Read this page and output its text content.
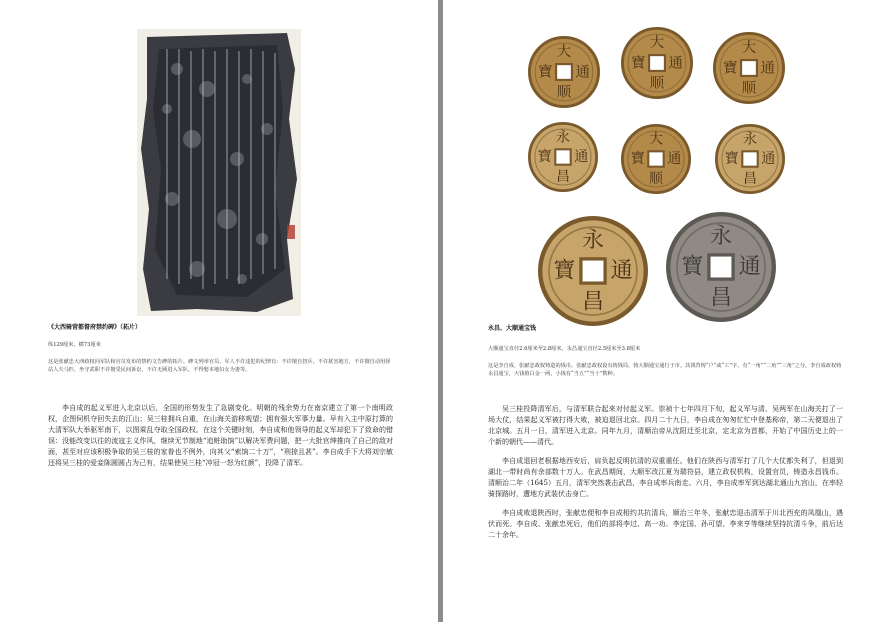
《大西骑营都督府禁约碑》（拓片）
纵129厘米，横73厘米
这是张献忠大西政权向军队和官员发布的禁约文告碑的拓片。碑文列举官员、军人不许违犯的纪律有：不许擅自扭兵，不许扰害地方，不许擅自动用驿站人夫马匹，坐守武职不许擅受民间诉讼，不许无顾进入军队，不得娶本地妇女为妻等。

李自成的起义军进入北京以后，全国的形势发生了急剧变化。明朝的残余势力在南京建立了第一个南明政权，企图伺机夺回失去的江山；吴三桂拥兵自重，在山海关游移观望；拥有强大军事力量、早有入主中原打算的大清军队大举驱军南下，以图乘乱夺取全国政权。在这个关键时刻，李自成和他领导的起义军却犯下了致命的错误：没能改变以往的流寇主义作风，继续无节制地“追赃助饷”以解决军费问题，把一大批官绅推向了自己的敌对面，甚至对应该积极争取的吴三桂的家眷也不例外，向其父“索饷二十万”，“刑掠且甚”。李自成手下大将刘宗敏还将吴三桂的爱妾陈圆圆占为己有，结果使吴三桂“冲冠一怒为红颜”，投降了清军。

大
通
顺
寶
大
通
顺
寶
大
通
顺
寶
永
通
昌
寶
大
通
顺
寶
永
通
昌
寶
永
通
昌
寶
永
通
昌
寶
永昌、大顺通宝钱
大顺通宝直径2.6厘米至2.8厘米，永昌通宝直径2.5厘米至3.8厘米
这是李自成、张献忠政权铸造的钱币。张献忠政权设有铸钱局，铸大顺通宝通行于市。其钱背铸“户”或“工”字，有“一角”“二角”“三角”之分。李自成政权铸永昌通宝，大钱值白金一两，小钱有“当五”“当十”数种。

吴三桂投降清军后，与清军联合起来对付起义军。崇祯十七年四月下旬，起义军与清、吴两军在山海关打了一场大仗，结果起义军被打得大败，被迫退回北京。四月二十九日，李自成在匆匆忙忙中登基称帝，第二天便退出了北京城。五月一日，清军进入北京。同年九月，清顺治帝从沈阳迁至北京，定北京为首都，开始了中国历史上的一个新的朝代——清代。

李自成退回老根据地西安后，肩负起反明抗清的双重重任。他们在陕西与清军打了几个大仗都失利了，但退到湖北一带时尚有余部数十万人。在武昌期间，大顺军改江夏为瑞符县，建立政权机构，设置官员，铸造永昌钱币。清顺治二年（1645）五月，清军突然袭击武昌，李自成率兵南走。六月，李自成率军到达湖北通山九宫山，在率轻骑探路时，遭地方武装伏击身亡。

李自成败退陕西时，张献忠便和李自成相约共抗清兵，顺治三年冬，张献忠迎击清军于川北西充的凤凰山，遇伏而死。李自成、张献忠死后，他们的部将李过、高一功、李定国、孙可望、李来亨等继续坚持抗清斗争，前后达二十余年。
